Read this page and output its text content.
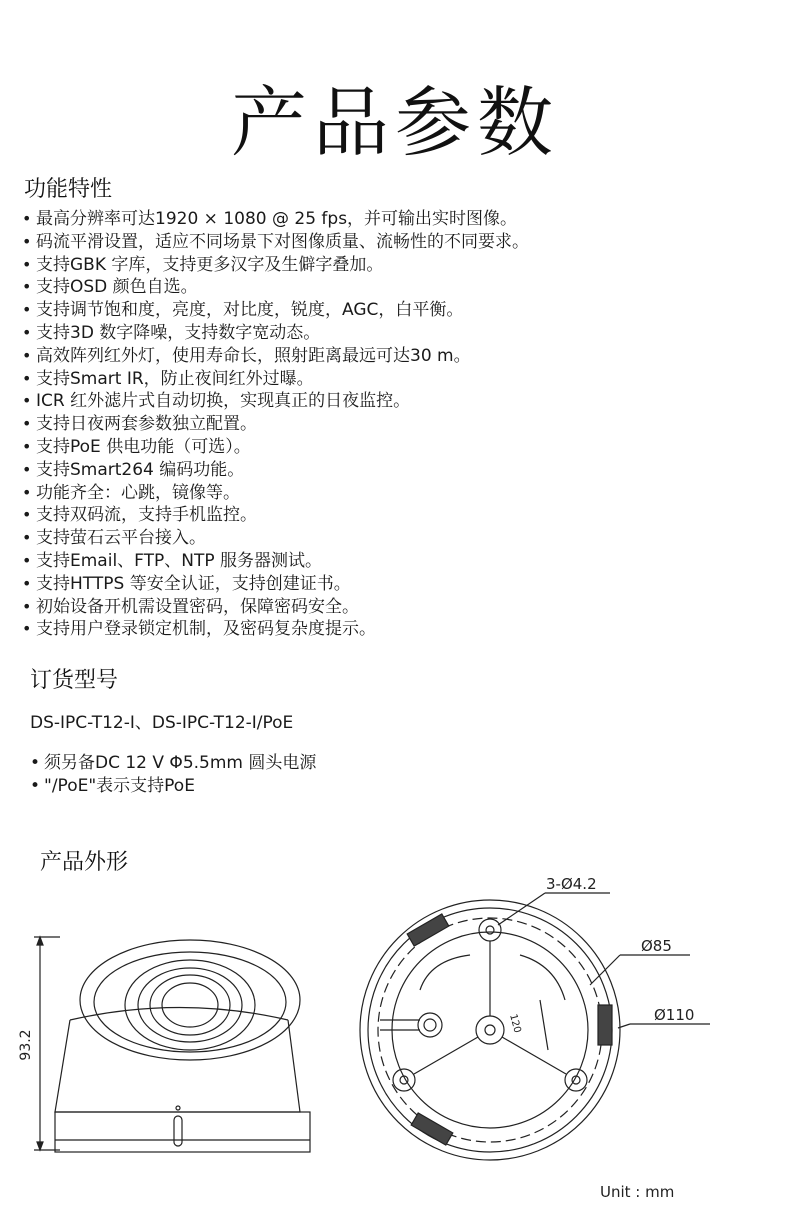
产品参数
功能特性
• 最高分辨率可达1920 × 1080 @ 25 fps，并可输出实时图像。
• 码流平滑设置，适应不同场景下对图像质量、流畅性的不同要求。
• 支持GBK 字库，支持更多汉字及生僻字叠加。
• 支持OSD 颜色自选。
• 支持调节饱和度，亮度，对比度，锐度，AGC，白平衡。
• 支持3D 数字降噪，支持数字宽动态。
• 高效阵列红外灯，使用寿命长，照射距离最远可达30 m。
• 支持Smart IR，防止夜间红外过曝。
• ICR 红外滤片式自动切换，实现真正的日夜监控。
• 支持日夜两套参数独立配置。
• 支持PoE 供电功能（可选）。
• 支持Smart264 编码功能。
• 功能齐全：心跳，镜像等。
• 支持双码流，支持手机监控。
• 支持萤石云平台接入。
• 支持Email、FTP、NTP 服务器测试。
• 支持HTTPS 等安全认证，支持创建证书。
• 初始设备开机需设置密码，保障密码安全。
• 支持用户登录锁定机制，及密码复杂度提示。
订货型号
DS-IPC-T12-I、DS-IPC-T12-I/PoE
• 须另备DC 12 V Φ5.5mm 圆头电源
• "/PoE"表示支持PoE
产品外形
93.2
3-Ø4.2
Ø85
Ø110
120
Unit : mm
